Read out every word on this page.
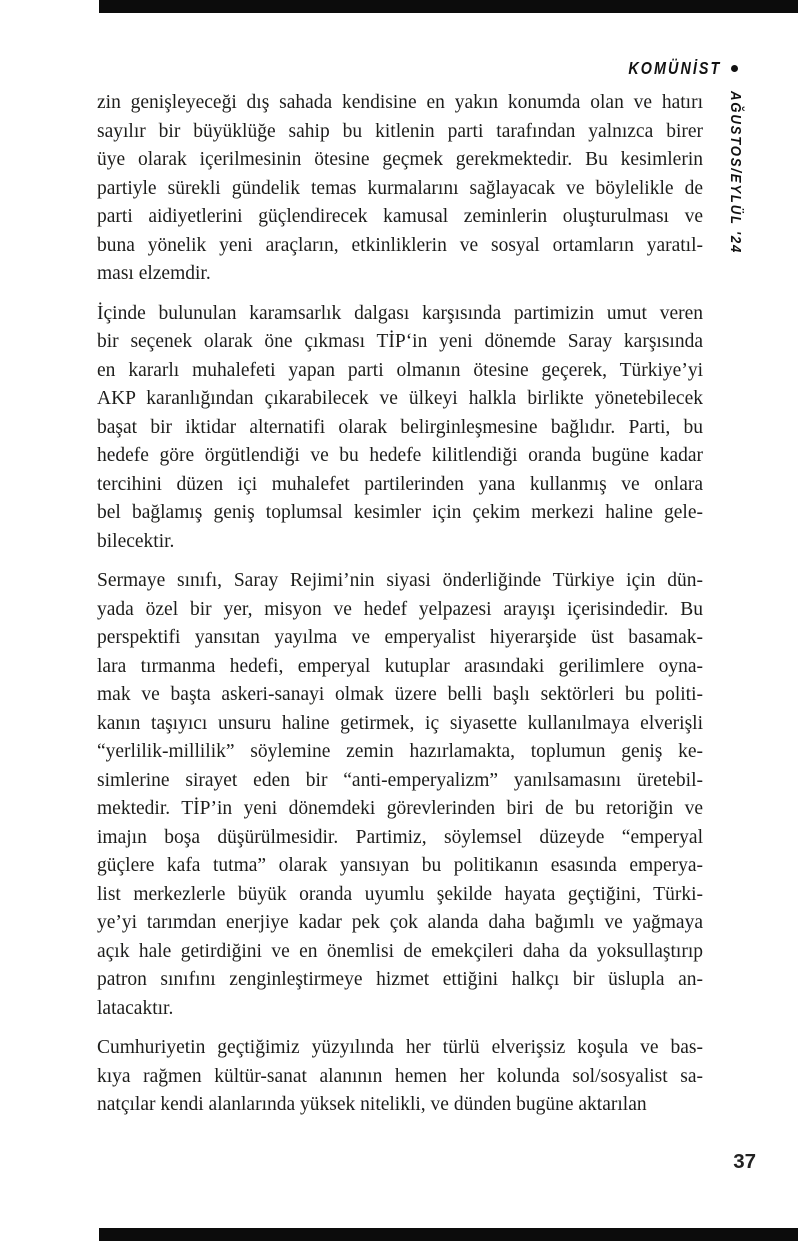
KOMÜNİST
AĞUSTOS/EYLÜL '24
zin genişleyeceği dış sahada kendisine en yakın konumda olan ve hatırı
sayılır bir büyüklüğe sahip bu kitlenin parti tarafından yalnızca birer
üye olarak içerilmesinin ötesine geçmek gerekmektedir. Bu kesimlerin
partiyle sürekli gündelik temas kurmalarını sağlayacak ve böylelikle de
parti aidiyetlerini güçlendirecek kamusal zeminlerin oluşturulması ve
buna yönelik yeni araçların, etkinliklerin ve sosyal ortamların yaratıl-
ması elzemdir.
İçinde bulunulan karamsarlık dalgası karşısında partimizin umut veren
bir seçenek olarak öne çıkması TİP‘in yeni dönemde Saray karşısında
en kararlı muhalefeti yapan parti olmanın ötesine geçerek, Türkiye’yi
AKP karanlığından çıkarabilecek ve ülkeyi halkla birlikte yönetebilecek
başat bir iktidar alternatifi olarak belirginleşmesine bağlıdır. Parti, bu
hedefe göre örgütlendiği ve bu hedefe kilitlendiği oranda bugüne kadar
tercihini düzen içi muhalefet partilerinden yana kullanmış ve onlara
bel bağlamış geniş toplumsal kesimler için çekim merkezi haline gele-
bilecektir.
Sermaye sınıfı, Saray Rejimi’nin siyasi önderliğinde Türkiye için dün-
yada özel bir yer, misyon ve hedef yelpazesi arayışı içerisindedir. Bu
perspektifi yansıtan yayılma ve emperyalist hiyerarşide üst basamak-
lara tırmanma hedefi, emperyal kutuplar arasındaki gerilimlere oyna-
mak ve başta askeri-sanayi olmak üzere belli başlı sektörleri bu politi-
kanın taşıyıcı unsuru haline getirmek, iç siyasette kullanılmaya elverişli
“yerlilik-millilik” söylemine zemin hazırlamakta, toplumun geniş ke-
simlerine sirayet eden bir “anti-emperyalizm” yanılsamasını üretebil-
mektedir. TİP’in yeni dönemdeki görevlerinden biri de bu retoriğin ve
imajın boşa düşürülmesidir. Partimiz, söylemsel düzeyde “emperyal
güçlere kafa tutma” olarak yansıyan bu politikanın esasında emperya-
list merkezlerle büyük oranda uyumlu şekilde hayata geçtiğini, Türki-
ye’yi tarımdan enerjiye kadar pek çok alanda daha bağımlı ve yağmaya
açık hale getirdiğini ve en önemlisi de emekçileri daha da yoksullaştırıp
patron sınıfını zenginleştirmeye hizmet ettiğini halkçı bir üslupla an-
latacaktır.
Cumhuriyetin geçtiğimiz yüzyılında her türlü elverişsiz koşula ve bas-
kıya rağmen kültür-sanat alanının hemen her kolunda sol/sosyalist sa-
natçılar kendi alanlarında yüksek nitelikli, ve dünden bugüne aktarılan
37
